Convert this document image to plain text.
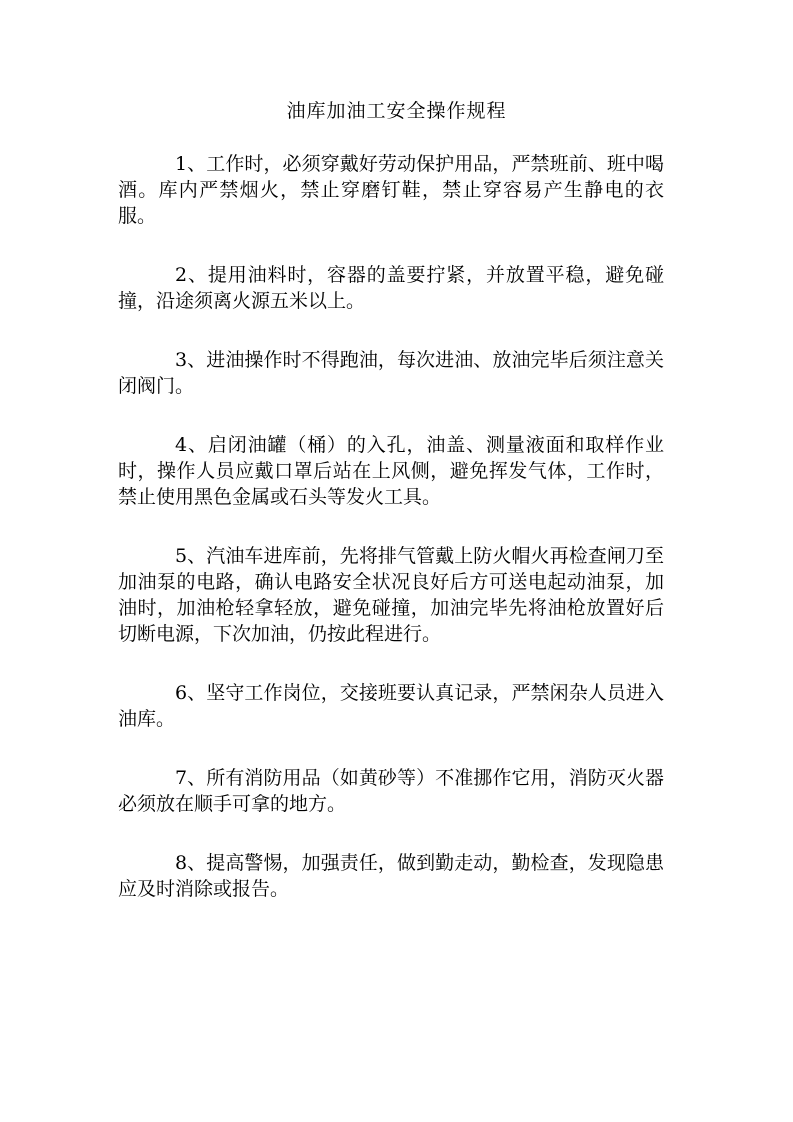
油库加油工安全操作规程
1、工作时，必须穿戴好劳动保护用品，严禁班前、班中喝酒。库内严禁烟火，禁止穿磨钉鞋，禁止穿容易产生静电的衣服。
2、提用油料时，容器的盖要拧紧，并放置平稳，避免碰撞，沿途须离火源五米以上。
3、进油操作时不得跑油，每次进油、放油完毕后须注意关闭阀门。
4、启闭油罐（桶）的入孔，油盖、测量液面和取样作业时，操作人员应戴口罩后站在上风侧，避免挥发气体，工作时，禁止使用黑色金属或石头等发火工具。
5、汽油车进库前，先将排气管戴上防火帽火再检查闸刀至加油泵的电路，确认电路安全状况良好后方可送电起动油泵，加油时，加油枪轻拿轻放，避免碰撞，加油完毕先将油枪放置好后切断电源，下次加油，仍按此程进行。
6、坚守工作岗位，交接班要认真记录，严禁闲杂人员进入油库。
7、所有消防用品（如黄砂等）不准挪作它用，消防灭火器必须放在顺手可拿的地方。
8、提高警惕，加强责任，做到勤走动，勤检查，发现隐患应及时消除或报告。
